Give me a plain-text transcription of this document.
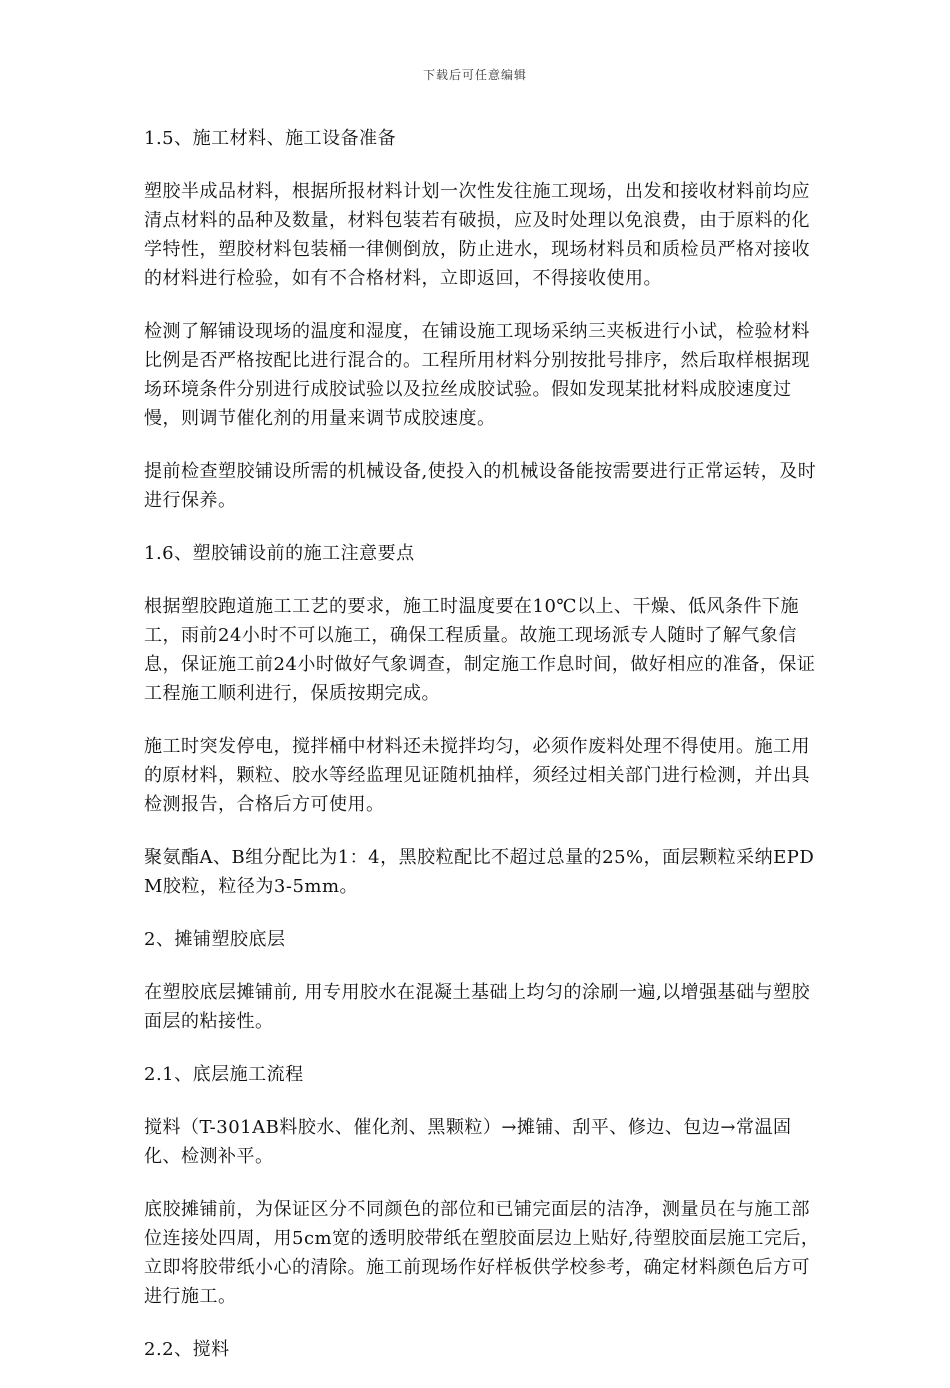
下载后可任意编辑
1.5、施工材料、施工设备准备
塑胶半成品材料，根据所报材料计划一次性发往施工现场，出发和接收材料前均应清点材料的品种及数量，材料包装若有破损，应及时处理以免浪费，由于原料的化学特性，塑胶材料包装桶一律侧倒放，防止进水，现场材料员和质检员严格对接收的材料进行检验，如有不合格材料，立即返回，不得接收使用。
检测了解铺设现场的温度和湿度，在铺设施工现场采纳三夹板进行小试，检验材料比例是否严格按配比进行混合的。工程所用材料分别按批号排序，然后取样根据现场环境条件分别进行成胶试验以及拉丝成胶试验。假如发现某批材料成胶速度过慢，则调节催化剂的用量来调节成胶速度。
提前检查塑胶铺设所需的机械设备,使投入的机械设备能按需要进行正常运转，及时进行保养。
1.6、塑胶铺设前的施工注意要点
根据塑胶跑道施工工艺的要求，施工时温度要在10℃以上、干燥、低风条件下施工，雨前24小时不可以施工，确保工程质量。故施工现场派专人随时了解气象信息，保证施工前24小时做好气象调查，制定施工作息时间，做好相应的准备，保证工程施工顺利进行，保质按期完成。
施工时突发停电，搅拌桶中材料还未搅拌均匀，必须作废料处理不得使用。施工用的原材料，颗粒、胶水等经监理见证随机抽样，须经过相关部门进行检测，并出具检测报告，合格后方可使用。
聚氨酯A、B组分配比为1：4，黑胶粒配比不超过总量的25%，面层颗粒采纳EPDM胶粒，粒径为3-5mm。
2、摊铺塑胶底层
在塑胶底层摊铺前, 用专用胶水在混凝土基础上均匀的涂刷一遍,以增强基础与塑胶面层的粘接性。
2.1、底层施工流程
搅料（T-301AB料胶水、催化剂、黑颗粒）→摊铺、刮平、修边、包边→常温固化、检测补平。
底胶摊铺前，为保证区分不同颜色的部位和已铺完面层的洁净，测量员在与施工部位连接处四周，用5cm宽的透明胶带纸在塑胶面层边上贴好,待塑胶面层施工完后，立即将胶带纸小心的清除。施工前现场作好样板供学校参考，确定材料颜色后方可进行施工。
2.2、搅料
